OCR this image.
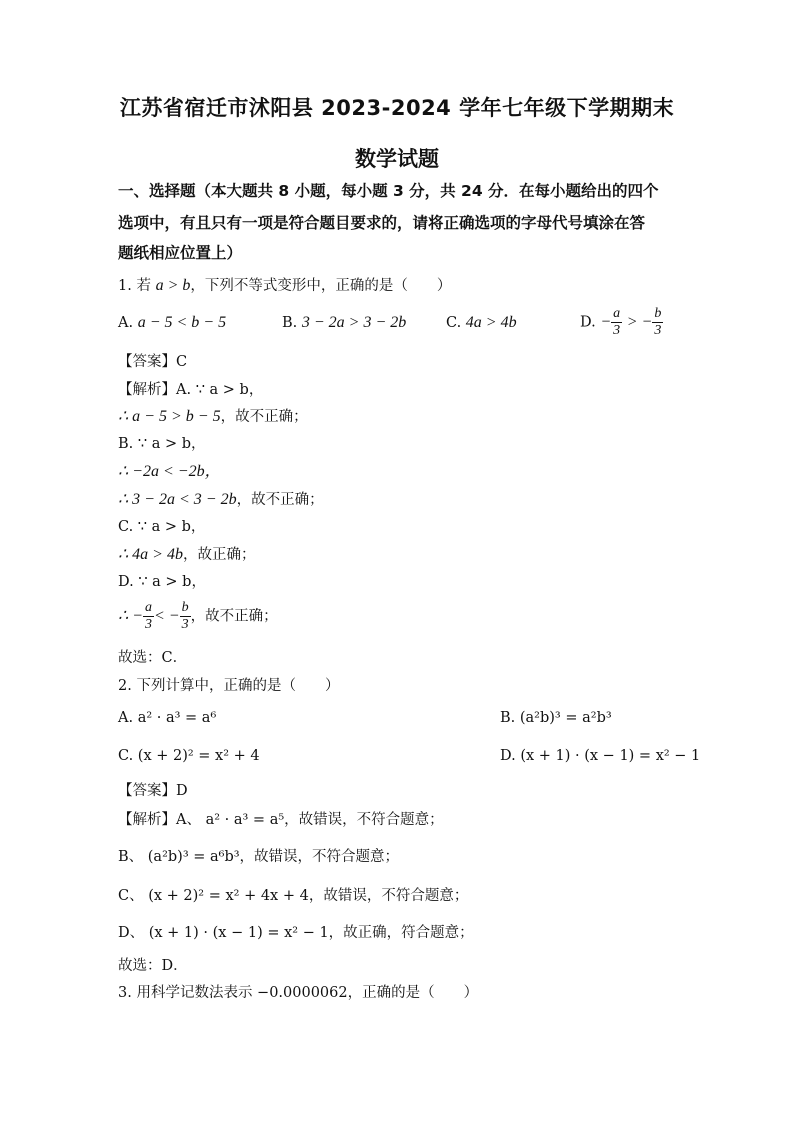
江苏省宿迁市沭阳县 2023-2024 学年七年级下学期期末
数学试题
一、选择题（本大题共 8 小题，每小题 3 分，共 24 分．在每小题给出的四个
选项中，有且只有一项是符合题目要求的，请将正确选项的字母代号填涂在答
题纸相应位置上）
1. 若 a > b，下列不等式变形中，正确的是（　　）
A. a − 5 < b − 5	B. 3 − 2a > 3 − 2b	C. 4a > 4b	D. − $\frac{a}{3}$ > − $\frac{b}{3}$
【答案】C
【解析】A. ∵ a > b，
∴ a − 5 > b − 5，故不正确；
B. ∵ a > b，
∴ −2a < −2b，
∴ 3 − 2a < 3 − 2b，故不正确；
C. ∵ a > b，
∴ 4a > 4b，故正确；
D. ∵ a > b，
∴ − $\frac{a}{3}$ < − $\frac{b}{3}$ ，故不正确；
故选：C．
2. 下列计算中，正确的是（　　）
A. a² · a³ = a⁶	B. (a²b)³ = a²b³
C. (x + 2)² = x² + 4	D. (x + 1) · (x − 1) = x² − 1
【答案】D
【解析】A、 a² · a³ = a⁵，故错误，不符合题意；
B、 (a²b)³ = a⁶b³，故错误，不符合题意；
C、 (x + 2)² = x² + 4x + 4，故错误，不符合题意；
D、 (x + 1) · (x − 1) = x² − 1，故正确，符合题意；
故选：D．
3. 用科学记数法表示 −0.0000062，正确的是（　　）
